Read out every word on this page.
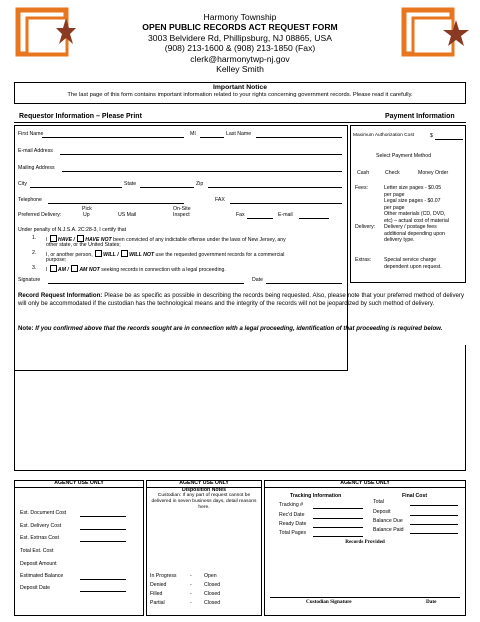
Harmony Township
OPEN PUBLIC RECORDS ACT REQUEST FORM
3003 Belvidere Rd, Phillipsburg, NJ 08865, USA
(908) 213-1600 & (908) 213-1850 (Fax)
clerk@harmonytwp-nj.gov
Kelley Smith
Important Notice
The last page of this form contains important information related to your rights concerning government records. Please read it carefully.
Requestor Information – Please Print	Payment Information
First Name	MI	Last Name
E-mail Address
Mailing Address
City	State	Zip
Telephone	FAX
Preferred Delivery:
Pick
Up	US Mail
On-Site
Inspect	Fax	E-mail
Under penalty of N.J.S.A. 2C:28-3, I certify that
1. I HAVE / HAVE NOT been convicted of any indictable offense under the laws of New Jersey, any
other state, or the United States;
2. I, or another person, WILL / WILL NOT use the requested government records for a commercial
purpose;
3. I AM / AM NOT seeking records in connection with a legal proceeding.
Signature	Date
Maximum Authorization Cost	$
Select Payment Method
Cash	Check	Money Order
Fees:	Letter size pages - $0.05
per page
Legal size pages - $0.07
per page
Other materials (CD, DVD,
etc) – actual cost of material
Delivery: Delivery / postage fees
additional depending upon
delivery type.
Extras: Special service charge
dependent upon request.
Record Request Information: Please be as specific as possible in describing the records being requested. Also, please note that your preferred method of delivery will only be accommodated if the custodian has the technological means and the integrity of the records will not be jeopardized by such method of delivery.
Note: If you confirmed above that the records sought are in connection with a legal proceeding, identification of that proceeding is required below.
AGENCY USE ONLY
Est. Document Cost
Est. Delivery Cost
Est. Extrras Cost
Total Est. Cost
Deposit Amount
Estimated Balance
Deposit Date
AGENCY USE ONLY
Disposition Notes
Custodian: If any part of request cannot be delivered in seven business days, detail reasons here.
In Progress	- Open
Denied	- Closed
Filled	- Closed
Partial	- Closed
AGENCY USE ONLY
Tracking Information	Final Cost
Tracking #
Rec'd Date
Ready Date
Total Pages
Total
Deposit
Balance Due
Balance Paid
Records Provided
Custodian Signature	Date
